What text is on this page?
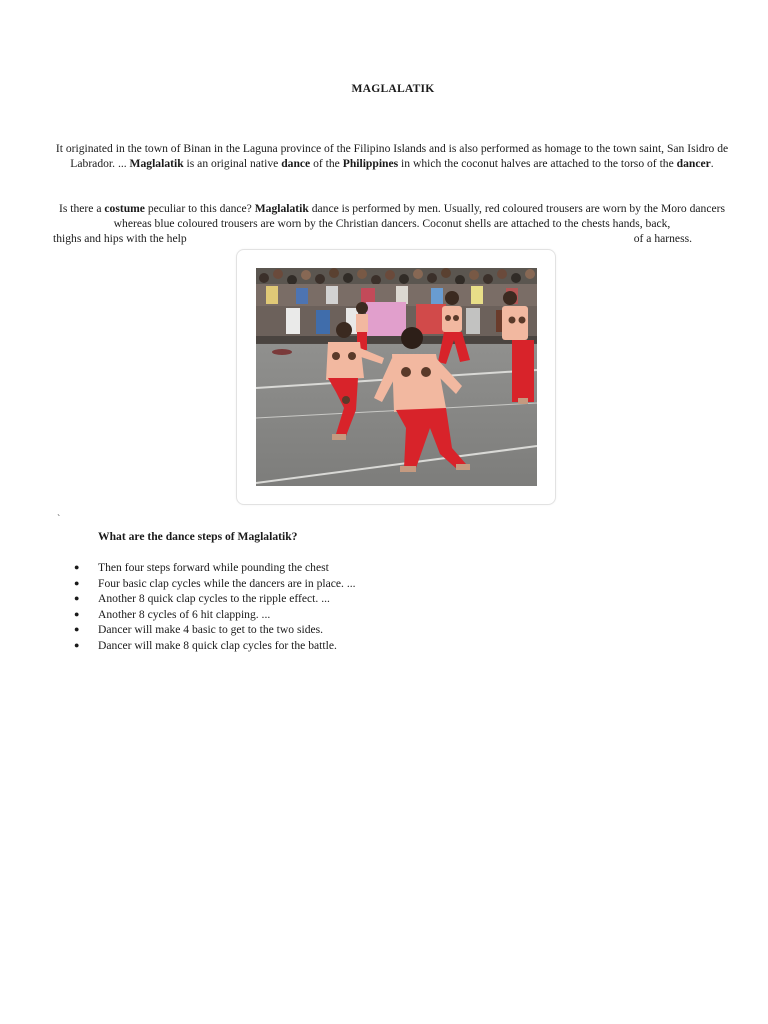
MAGLALATIK

It originated in the town of Binan in the Laguna province of the Filipino Islands and is also performed as homage to the town saint, San Isidro de Labrador. ... Maglalatik is an original native dance of the Philippines in which the coconut halves are attached to the torso of the dancer.

Is there a costume peculiar to this dance? Maglalatik dance is performed by men. Usually, red coloured trousers are worn by the Moro dancers whereas blue coloured trousers are worn by the Christian dancers. Coconut shells are attached to the chests hands, back,
thighs and hips with the help	of a harness.
`
What are the dance steps of Maglalatik?
● Then four steps forward while pounding the chest
● Four basic clap cycles while the dancers are in place. ...
● Another 8 quick clap cycles to the ripple effect. ...
● Another 8 cycles of 6 hit clapping. ...
● Dancer will make 4 basic to get to the two sides.
● Dancer will make 8 quick clap cycles for the battle.
